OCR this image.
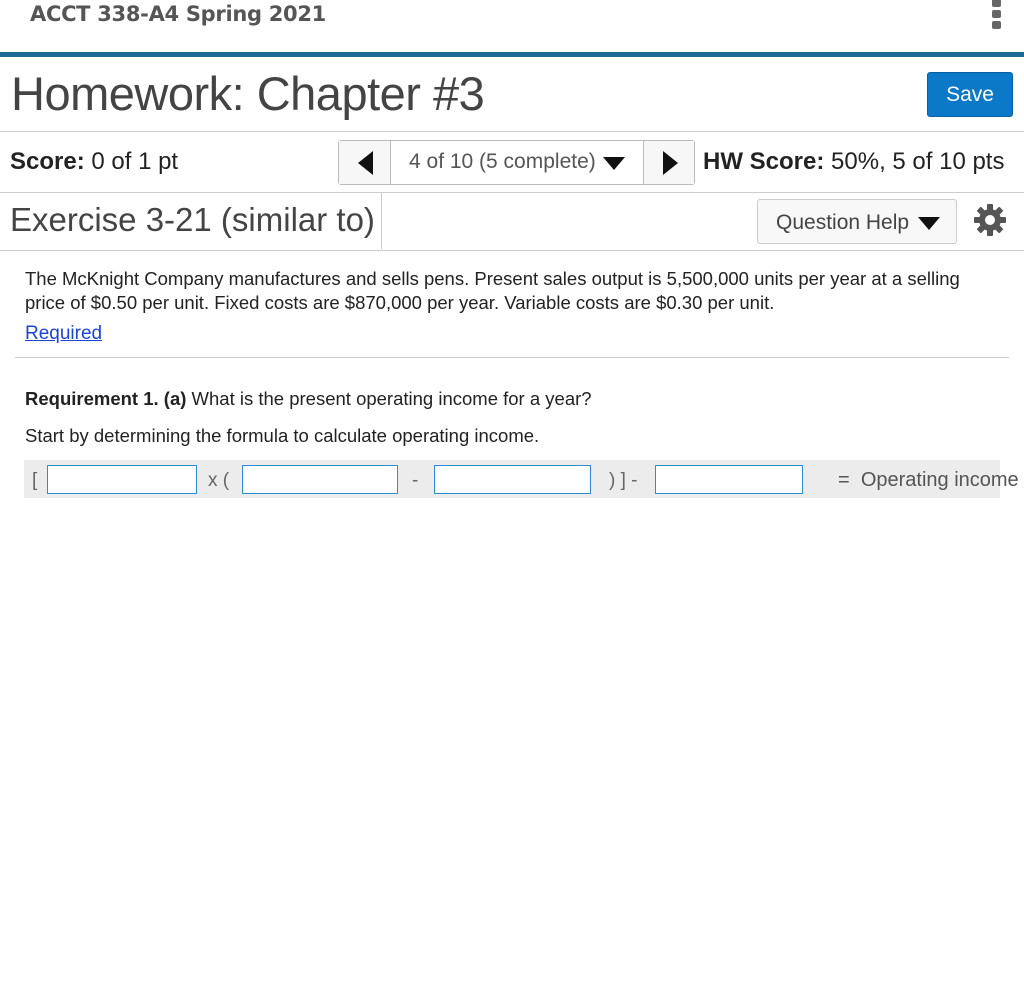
ACCT 338-A4 Spring 2021
Homework: Chapter #3	Save
Score: 0 of 1 pt	4 of 10 (5 complete)	HW Score: 50%, 5 of 10 pts
Exercise 3-21 (similar to)	Question Help
The McKnight Company manufactures and sells pens. Present sales output is 5,500,000 units per year at a selling price of $0.50 per unit. Fixed costs are $870,000 per year. Variable costs are $0.30 per unit.
Required
Requirement 1. (a) What is the present operating income for a year?
Start by determining the formula to calculate operating income.
[	x (	-	) ] -	= Operating income
